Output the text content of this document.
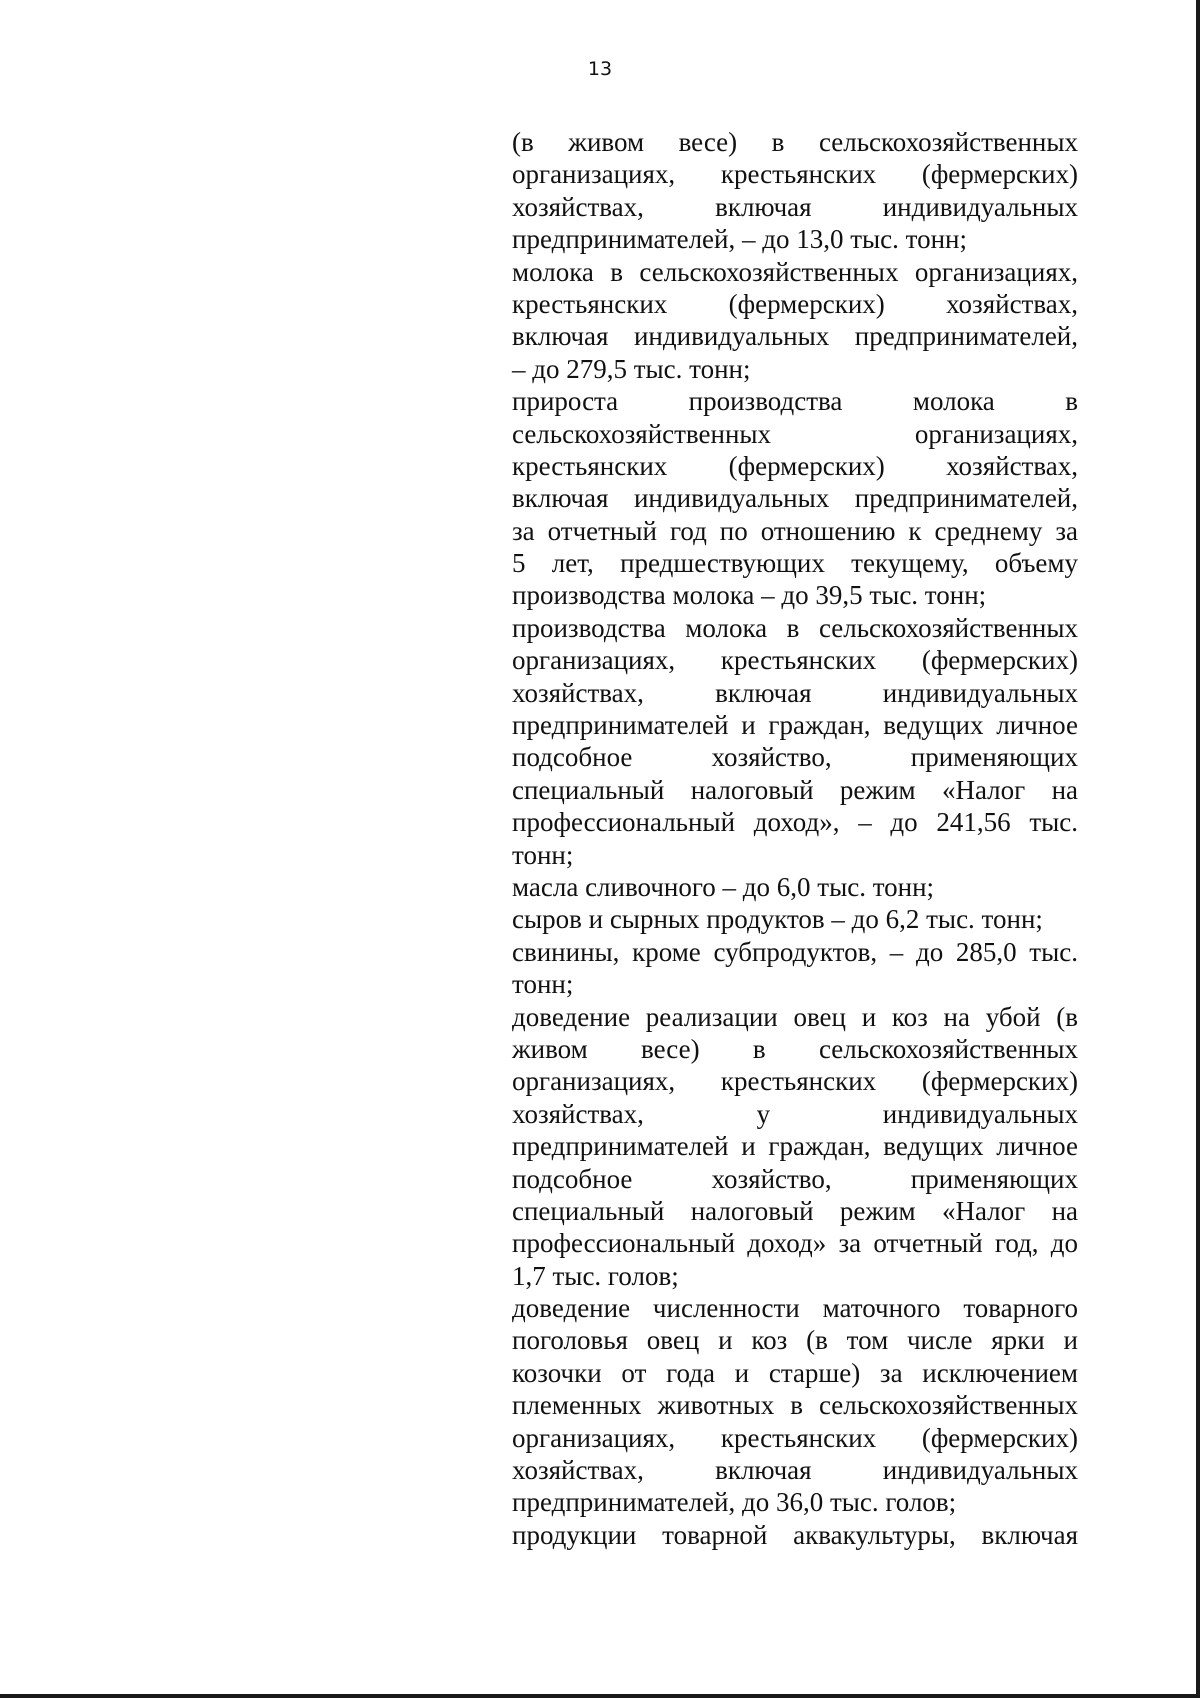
13
(в живом весе) в сельскохозяйственных
организациях, крестьянских (фермерских)
хозяйствах, включая индивидуальных
предпринимателей, – до 13,0 тыс. тонн;
молока в сельскохозяйственных организациях,
крестьянских (фермерских) хозяйствах,
включая индивидуальных предпринимателей,
– до 279,5 тыс. тонн;
прироста производства молока в
сельскохозяйственных организациях,
крестьянских (фермерских) хозяйствах,
включая индивидуальных предпринимателей,
за отчетный год по отношению к среднему за
5 лет, предшествующих текущему, объему
производства молока – до 39,5 тыс. тонн;
производства молока в сельскохозяйственных
организациях, крестьянских (фермерских)
хозяйствах, включая индивидуальных
предпринимателей и граждан, ведущих личное
подсобное хозяйство, применяющих
специальный налоговый режим «Налог на
профессиональный доход», – до 241,56 тыс.
тонн;
масла сливочного – до 6,0 тыс. тонн;
сыров и сырных продуктов – до 6,2 тыс. тонн;
свинины, кроме субпродуктов, – до 285,0 тыс.
тонн;
доведение реализации овец и коз на убой (в
живом весе) в сельскохозяйственных
организациях, крестьянских (фермерских)
хозяйствах, у индивидуальных
предпринимателей и граждан, ведущих личное
подсобное хозяйство, применяющих
специальный налоговый режим «Налог на
профессиональный доход» за отчетный год, до
1,7 тыс. голов;
доведение численности маточного товарного
поголовья овец и коз (в том числе ярки и
козочки от года и старше) за исключением
племенных животных в сельскохозяйственных
организациях, крестьянских (фермерских)
хозяйствах, включая индивидуальных
предпринимателей, до 36,0 тыс. голов;
продукции товарной аквакультуры, включая
